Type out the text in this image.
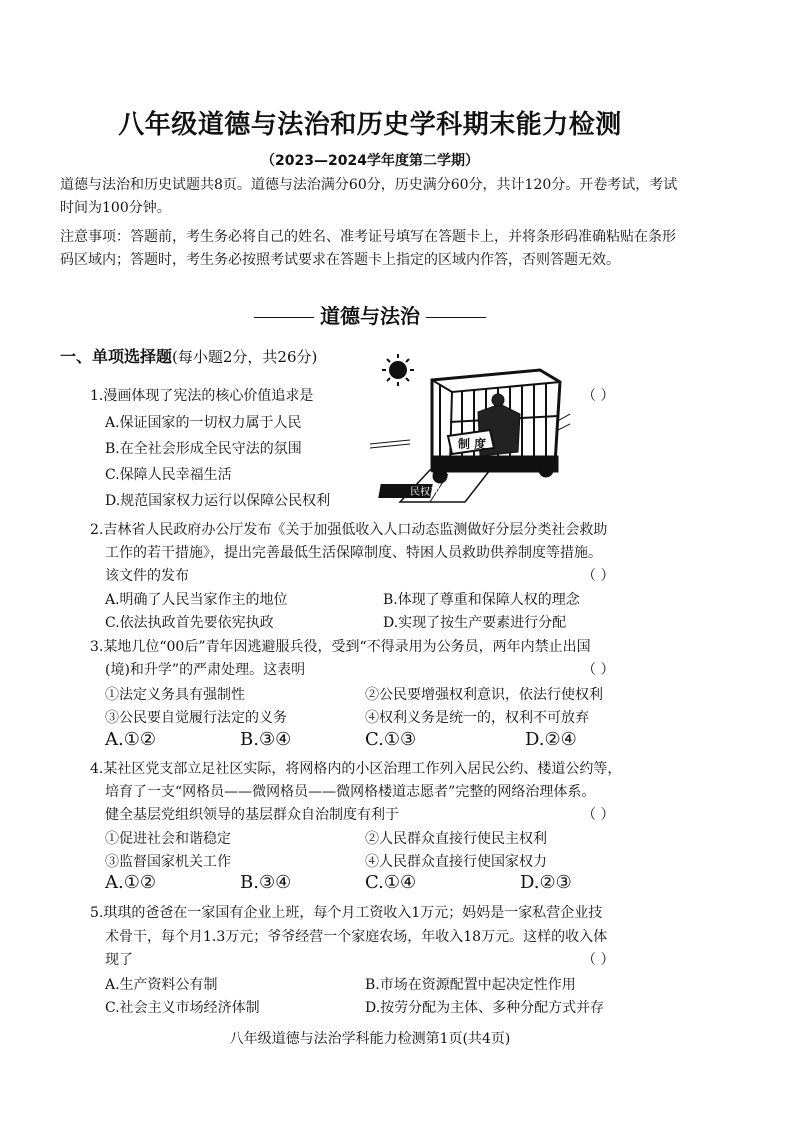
八年级道德与法治和历史学科期末能力检测
（2023—2024学年度第二学期）
道德与法治和历史试题共8页。道德与法治满分60分，历史满分60分，共计120分。开卷考试，考试时间为100分钟。
注意事项：答题前，考生务必将自己的姓名、准考证号填写在答题卡上，并将条形码准确粘贴在条形码区域内；答题时，考生务必按照考试要求在答题卡上指定的区域内作答，否则答题无效。
道德与法治
一、单项选择题(每小题2分，共26分)
制 度
民权利
1.漫画体现了宪法的核心价值追求是	（ ）
A.保证国家的一切权力属于人民
B.在全社会形成全民守法的氛围
C.保障人民幸福生活
D.规范国家权力运行以保障公民权利
2.吉林省人民政府办公厅发布《关于加强低收入人口动态监测做好分层分类社会救助
工作的若干措施》，提出完善最低生活保障制度、特困人员救助供养制度等措施。
该文件的发布	（ ）
A.明确了人民当家作主的地位	B.体现了尊重和保障人权的理念
C.依法执政首先要依宪执政	D.实现了按生产要素进行分配
3.某地几位“00后”青年因逃避服兵役，受到“不得录用为公务员，两年内禁止出国
(境)和升学”的严肃处理。这表明	（ ）
①法定义务具有强制性	②公民要增强权利意识，依法行使权利
③公民要自觉履行法定的义务	④权利义务是统一的，权利不可放弃
A.①②	B.③④	C.①③	D.②④
4.某社区党支部立足社区实际，将网格内的小区治理工作列入居民公约、楼道公约等，
培育了一支“网格员——微网格员——微网格楼道志愿者”完整的网络治理体系。
健全基层党组织领导的基层群众自治制度有利于	（ ）
①促进社会和谐稳定	②人民群众直接行使民主权利
③监督国家机关工作	④人民群众直接行使国家权力
A.①②	B.③④	C.①④	D.②③
5.琪琪的爸爸在一家国有企业上班，每个月工资收入1万元；妈妈是一家私营企业技
术骨干，每个月1.3万元；爷爷经营一个家庭农场，年收入18万元。这样的收入体
现了	（ ）
A.生产资料公有制	B.市场在资源配置中起决定性作用
C.社会主义市场经济体制	D.按劳分配为主体、多种分配方式并存
八年级道德与法治学科能力检测第1页(共4页)
